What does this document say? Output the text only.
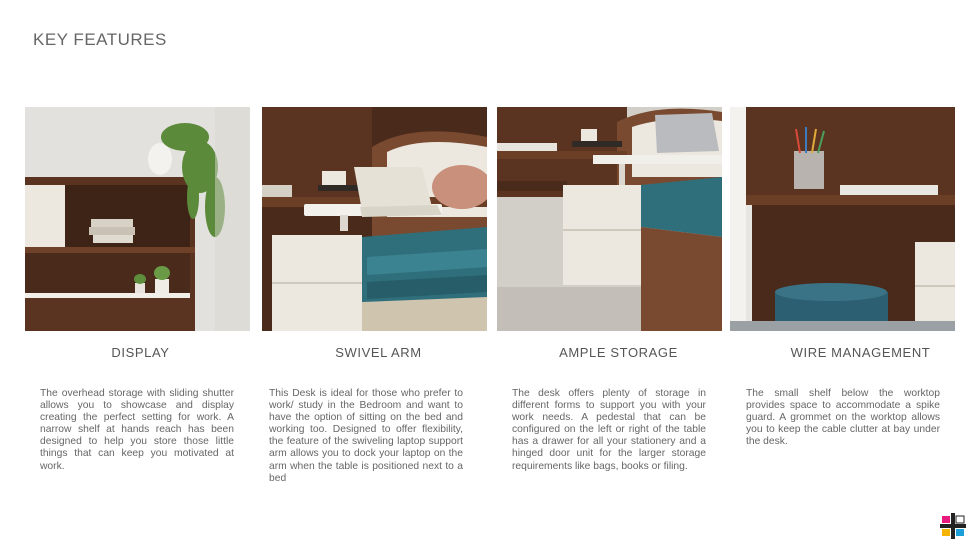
KEY FEATURES
DISPLAY
The overhead storage with sliding shutter allows you to showcase and display creating the perfect setting for work. A narrow shelf at hands reach has been designed to help you store those little things that can keep you motivated at work.
SWIVEL ARM
This Desk is ideal for those who prefer to work/ study in the Bedroom and want to have the option of sitting on the bed and working too. Designed to offer flexibility, the feature of the swiveling laptop support arm allows you to dock your laptop on the arm when the table is positioned next to a bed
AMPLE STORAGE
The desk offers plenty of storage in different forms to support you with your work needs. A pedestal that can be configured on the left or right of the table has a drawer for all your stationery and a hinged door unit for the larger storage requirements like bags, books or filing.
WIRE MANAGEMENT
The small shelf below the worktop provides space to accommodate a spike guard. A grommet on the worktop allows you to keep the cable clutter at bay under the desk.
